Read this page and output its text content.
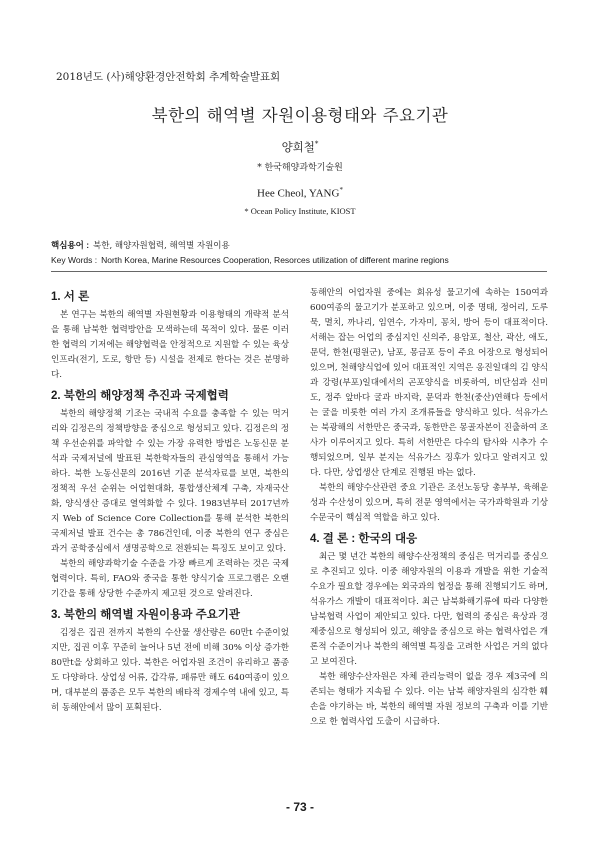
2018년도 (사)해양환경안전학회 추계학술발표회
북한의 해역별 자원이용형태와 주요기관
양희철*
* 한국해양과학기술원
Hee Cheol, YANG*
* Ocean Policy Institute, KIOST
핵심용어 : 북한, 해양자원협력, 해역별 자원이용
Key Words : North Korea, Marine Resources Cooperation, Resorces utilization of different marine regions
1. 서 론

본 연구는 북한의 해역별 자원현황과 이용형태의 개략적 분석을 통해 남북한 협력방안을 모색하는데 목적이 있다. 물론 이러한 협력의 기저에는 해양협력을 안정적으로 지원할 수 있는 육상인프라(전기, 도로, 항만 등) 시설을 전제로 한다는 것은 분명하다.

2. 북한의 해양정책 추진과 국제협력

북한의 해양정책 기조는 국내적 수요를 충족할 수 있는 먹거리와 김정은의 정책방향을 중심으로 형성되고 있다. 김정은의 정책 우선순위를 파악할 수 있는 가장 유력한 방법은 노동신문 분석과 국제저널에 발표된 북한학자들의 관심영역을 통해서 가능하다. 북한 노동신문의 2016년 기준 분석자료를 보면, 북한의 정책적 우선 순위는 어업현대화, 통합생산체계 구축, 자재국산화, 양식생산 증대로 열역화할 수 있다. 1983년부터 2017년까지 Web of Science Core Collection를 통해 분석한 북한의 국제저널 발표 건수는 총 786건인데, 이중 북한의 연구 중심은 과거 공학중심에서 생명공학으로 전환되는 특징도 보이고 있다.

북한의 해양과학기술 수준을 가장 빠르게 조력하는 것은 국제협력이다. 특히, FAO와 중국을 통한 양식기술 프로그램은 오랜 기간을 통해 상당한 수준까지 제고된 것으로 알려진다.

3. 북한의 해역별 자원이용과 주요기관

김정은 집권 전까지 북한의 수산물 생산량은 60만t 수준이었지만, 집권 이후 꾸준히 늘어나 5년 전에 비해 30% 이상 증가한 80만t을 상회하고 있다. 북한은 어업자원 조건이 유리하고 품종도 다양하다. 상업성 어류, 갑각류, 패류만 해도 640여종이 있으며, 대부분의 품종은 모두 북한의 배타적 경제수역 내에 있고, 특히 동해안에서 많이 포획된다.

동해안의 어업자원 중에는 회유성 물고기에 속하는 150여과 600여종의 물고기가 분포하고 있으며, 이중 명태, 정어리, 도루묵, 멸치, 까나리, 임연수, 가자미, 꽁치, 방어 등이 대표적이다. 서해는 잡는 어업의 중심지인 신의주, 용암포, 철산, 곽산, 애도, 문덕, 한천(평원군), 남포, 몽금포 등이 주요 어장으로 형성되어 있으며, 천해양식업에 있어 대표적인 지역은 옹진일대의 김 양식과 강령(부포)일대에서의 곤포양식을 비롯하여, 비단섬과 신미도, 정주 앞바다 굴과 바지락, 문덕과 한천(중산)연해다 등에서는 굴을 비롯한 여러 가지 조개류들을 양식하고 있다. 석유가스는 북광해의 서한만은 중국과, 동한만은 몽골자본이 진출하여 조사가 이루어지고 있다. 특히 서한만은 다수의 탐사와 시추가 수행되었으며, 일부 분지는 석유가스 징후가 있다고 알려지고 있다. 다만, 상업생산 단계로 진행된 바는 없다.

북한의 해양수산관련 중요 기관은 조선노동당 총부부, 육해운성과 수산성이 있으며, 특히 전문 영역에서는 국가과학원과 기상수문국이 핵심적 역할을 하고 있다.

4. 결 론 : 한국의 대응

최근 몇 년간 북한의 해양수산정책의 중심은 먹거리를 중심으로 추진되고 있다. 이중 해양자원의 이용과 개발을 위한 기술적 수요가 필요할 경우에는 외국과의 협정을 통해 진행되기도 하며, 석유가스 개발이 대표적이다. 최근 남북화해기류에 따라 다양한 남북협력 사업이 제안되고 있다. 다만, 협력의 중심은 육상과 경제중심으로 형성되어 있고, 해양을 중심으로 하는 협력사업은 개론적 수준이거나 북한의 해역별 특징을 고려한 사업은 거의 없다고 보여진다.

북한 해양수산자원은 자체 관리능력이 없을 경우 제3국에 의존되는 형태가 지속될 수 있다. 이는 남북 해양자원의 심각한 훼손을 야기하는 바, 북한의 해역별 자원 정보의 구축과 이를 기반으로 한 협력사업 도출이 시급하다.

- 73 -
